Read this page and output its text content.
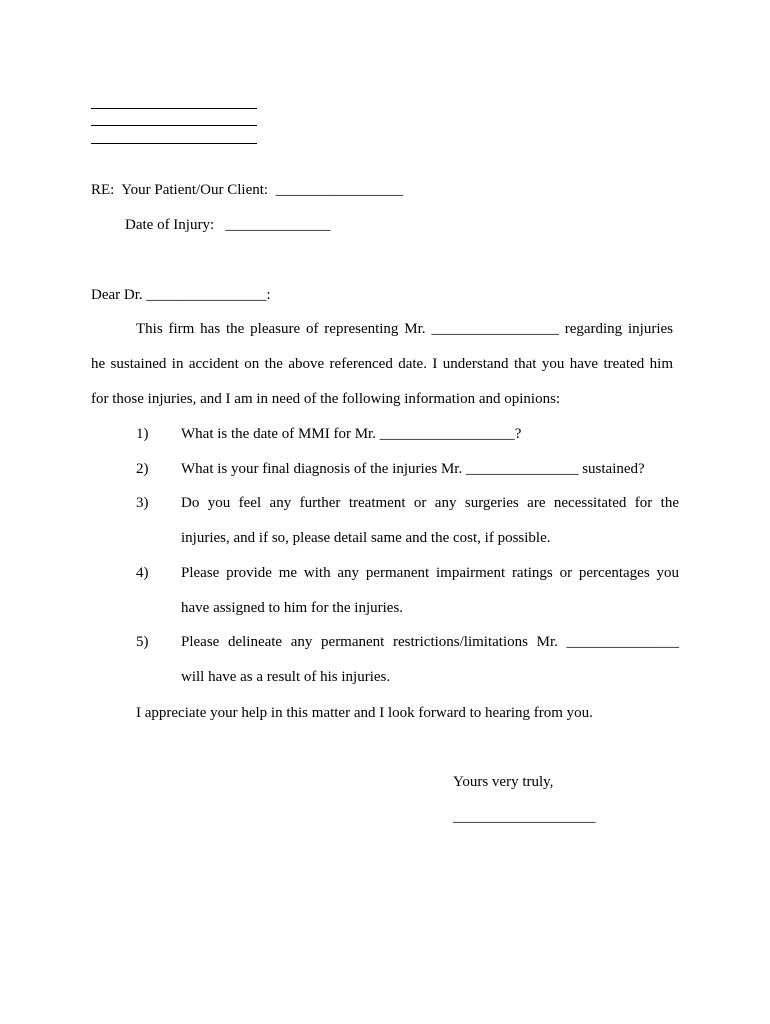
RE:  Your Patient/Our Client:  _________________
Date of Injury:   ______________
Dear Dr. ________________:
This firm has the pleasure of representing Mr. _________________ regarding injuries
he sustained in accident on the above referenced date. I understand that you have treated him
for those injuries, and I am in need of the following information and opinions:
1) What is the date of MMI for Mr. __________________?
2) What is your final diagnosis of the injuries Mr. _______________ sustained?
3) Do you feel any further treatment or any surgeries are necessitated for the
injuries, and if so, please detail same and the cost, if possible.
4) Please provide me with any permanent impairment ratings or percentages you
have assigned to him for the injuries.
5) Please delineate any permanent restrictions/limitations Mr. _______________
will have as a result of his injuries.
I appreciate your help in this matter and I look forward to hearing from you.
Yours very truly,
___________________
